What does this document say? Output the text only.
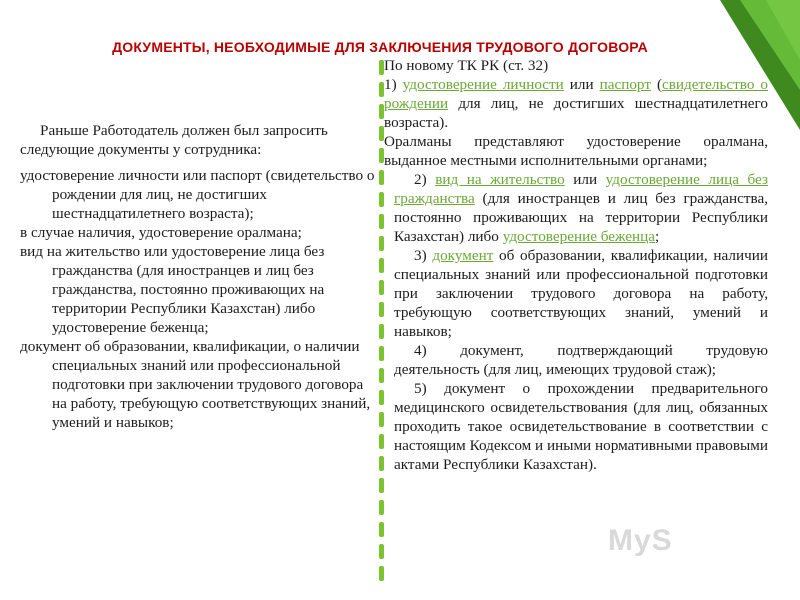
ДОКУМЕНТЫ, НЕОБХОДИМЫЕ ДЛЯ ЗАКЛЮЧЕНИЯ ТРУДОВОГО ДОГОВОРА

Раньше Работодатель должен был запросить следующие документы у сотрудника:

удостоверение личности или паспорт (свидетельство о рождении для лиц, не достигших шестнадцатилетнего возраста);

в случае наличия, удостоверение оралмана;

вид на жительство или удостоверение лица без гражданства (для иностранцев и лиц без гражданства, постоянно проживающих на территории Республики Казахстан) либо удостоверение беженца;

документ об образовании, квалификации, о наличии специальных знаний или профессиональной подготовки при заключении трудового договора на работу, требующую соответствующих знаний, умений и навыков;

По новому ТК РК (ст. 32)

1) удостоверение личности или паспорт (свидетельство о рождении для лиц, не достигших шестнадцатилетнего возраста).

Оралманы представляют удостоверение оралмана, выданное местными исполнительными органами;

2) вид на жительство или удостоверение лица без гражданства (для иностранцев и лиц без гражданства, постоянно проживающих на территории Республики Казахстан) либо удостоверение беженца;

3) документ об образовании, квалификации, наличии специальных знаний или профессиональной подготовки при заключении трудового договора на работу, требующую соответствующих знаний, умений и навыков;

4) документ, подтверждающий трудовую деятельность (для лиц, имеющих трудовой стаж);

5) документ о прохождении предварительного медицинского освидетельствования (для лиц, обязанных проходить такое освидетельствование в соответствии с настоящим Кодексом и иными нормативными правовыми актами Республики Казахстан).

MyS
